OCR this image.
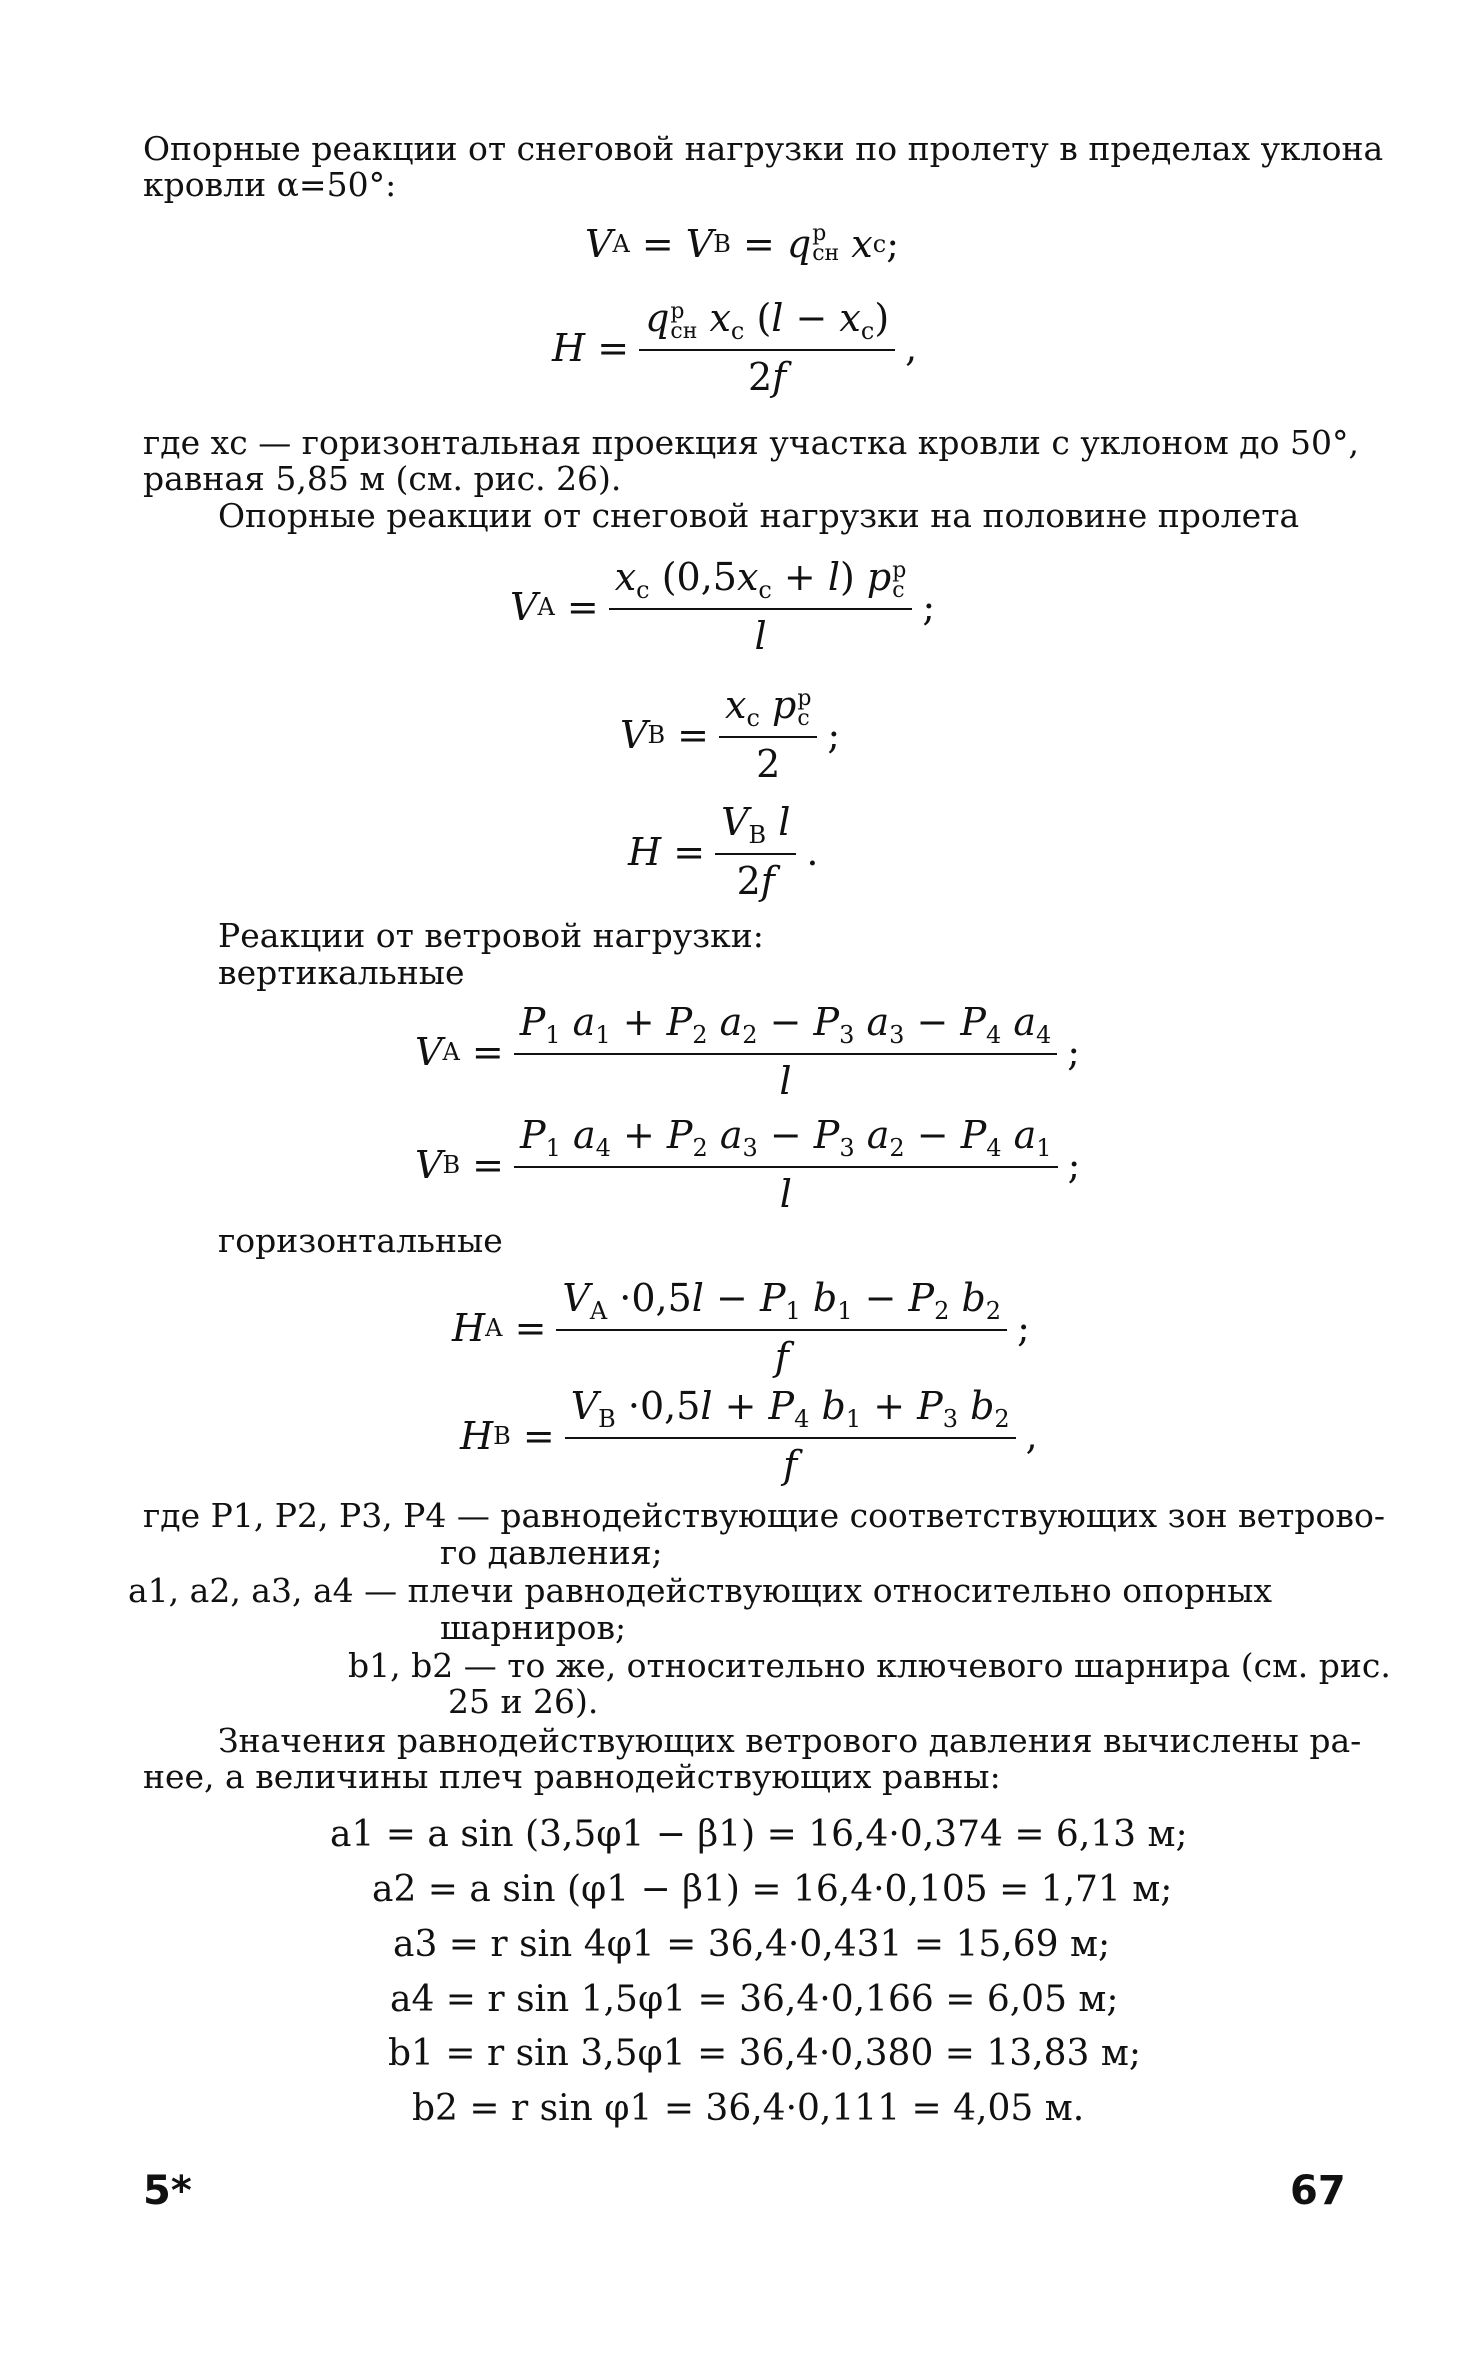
Опорные реакции от снеговой нагрузки по пролету в пределах уклона

кровли α=50°:

V A = V B = q р
сн
x с ;
H = q р
сн $x_с$ $(l - x_с)$
2f ,

где xc — горизонтальная проекция участка кровли с уклоном до 50°,

равная 5,85 м (см. рис. 26).

Опорные реакции от снеговой нагрузки на половине пролета

V $A = x_с$ $(0,5x_с + l)$ p р
с
l ;
V $B = x_с$ p р
с
2 ;
$H = \frac{V_B l}{2f}$ .

Реакции от ветровой нагрузки:

вертикальные

V $A = \frac{P_1 a_1 + P_2 a_2 - P_3 a_3 - P_4 a_4}{l}$ ;
V $B = \frac{P_1 a_4 + P_2 a_3 - P_3 a_2 - P_4 a_1}{l}$ ;

горизонтальные

H $A = \frac{V_A \cdot 0,5l - P_1 b_1 - P_2 b_2}{f}$ ;
H $B = \frac{V_B \cdot 0,5l + P_4 b_1 + P_3 b_2}{f}$ ,

где P1, P2, P3, P4 — равнодействующие соответствующих зон ветрово-

го давления;

a1, a2, a3, a4 — плечи равнодействующих относительно опорных

шарниров;

b1, b2 — то же, относительно ключевого шарнира (см. рис.

25 и 26).

Значения равнодействующих ветрового давления вычислены ра-

нее, а величины плеч равнодействующих равны:

a1 = a sin (3,5φ1 − β1) = 16,4·0,374 = 6,13 м;

a2 = a sin (φ1 − β1) = 16,4·0,105 = 1,71 м;

a3 = r sin 4φ1 = 36,4·0,431 = 15,69 м;

a4 = r sin 1,5φ1 = 36,4·0,166 = 6,05 м;

b1 = r sin 3,5φ1 = 36,4·0,380 = 13,83 м;

b2 = r sin φ1 = 36,4·0,111 = 4,05 м.

5*	67
